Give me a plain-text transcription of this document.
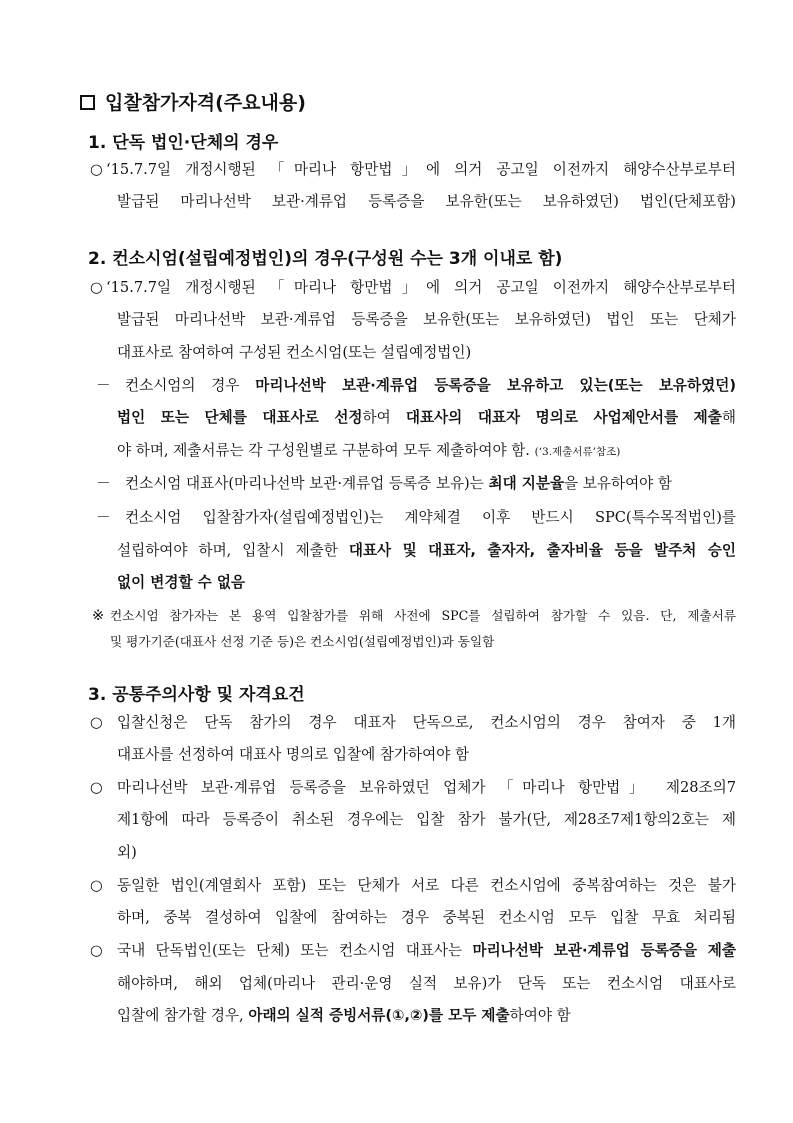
입찰참가자격(주요내용)
1. 단독 법인·단체의 경우
○ ‘15.7.7일 개정시행된 「마리나 항만법」에 의거 공고일 이전까지 해양수산부로부터
발급된 마리나선박 보관·계류업 등록증을 보유한(또는 보유하였던) 법인(단체포함)
2. 컨소시엄(설립예정법인)의 경우(구성원 수는 3개 이내로 함)
○ ‘15.7.7일 개정시행된 「마리나 항만법」에 의거 공고일 이전까지 해양수산부로부터
발급된 마리나선박 보관·계류업 등록증을 보유한(또는 보유하였던) 법인 또는 단체가
대표사로 참여하여 구성된 컨소시엄(또는 설립예정법인)
－ 컨소시엄의 경우 마리나선박 보관·계류업 등록증을 보유하고 있는(또는 보유하였던)
법인 또는 단체를 대표사로 선정하여 대표사의 대표자 명의로 사업제안서를 제출해
야 하며, 제출서류는 각 구성원별로 구분하여 모두 제출하여야 함. (‘3.제출서류’참조)
－ 컨소시엄 대표사(마리나선박 보관·계류업 등록증 보유)는 최대 지분율을 보유하여야 함
－ 컨소시엄 입찰참가자(설립예정법인)는 계약체결 이후 반드시 SPC(특수목적법인)를
설립하여야 하며, 입찰시 제출한 대표사 및 대표자, 출자자, 출자비율 등을 발주처 승인
없이 변경할 수 없음
※ 컨소시엄 참가자는 본 용역 입찰참가를 위해 사전에 SPC를 설립하여 참가할 수 있음. 단, 제출서류
및 평가기준(대표사 선정 기준 등)은 컨소시엄(설립예정법인)과 동일함
3. 공통주의사항 및 자격요건
○ 입찰신청은 단독 참가의 경우 대표자 단독으로, 컨소시엄의 경우 참여자 중 1개
대표사를 선정하여 대표사 명의로 입찰에 참가하여야 함
○ 마리나선박 보관·계류업 등록증을 보유하였던 업체가 「마리나 항만법」 제28조의7
제1항에 따라 등록증이 취소된 경우에는 입찰 참가 불가(단, 제28조7제1항의2호는 제
외)
○ 동일한 법인(계열회사 포함) 또는 단체가 서로 다른 컨소시엄에 중복참여하는 것은 불가
하며, 중복 결성하여 입찰에 참여하는 경우 중복된 컨소시엄 모두 입찰 무효 처리됨
○ 국내 단독법인(또는 단체) 또는 컨소시엄 대표사는 마리나선박 보관·계류업 등록증을 제출
해야하며, 해외 업체(마리나 관리·운영 실적 보유)가 단독 또는 컨소시엄 대표사로
입찰에 참가할 경우, 아래의 실적 증빙서류(①,②)를 모두 제출하여야 함
